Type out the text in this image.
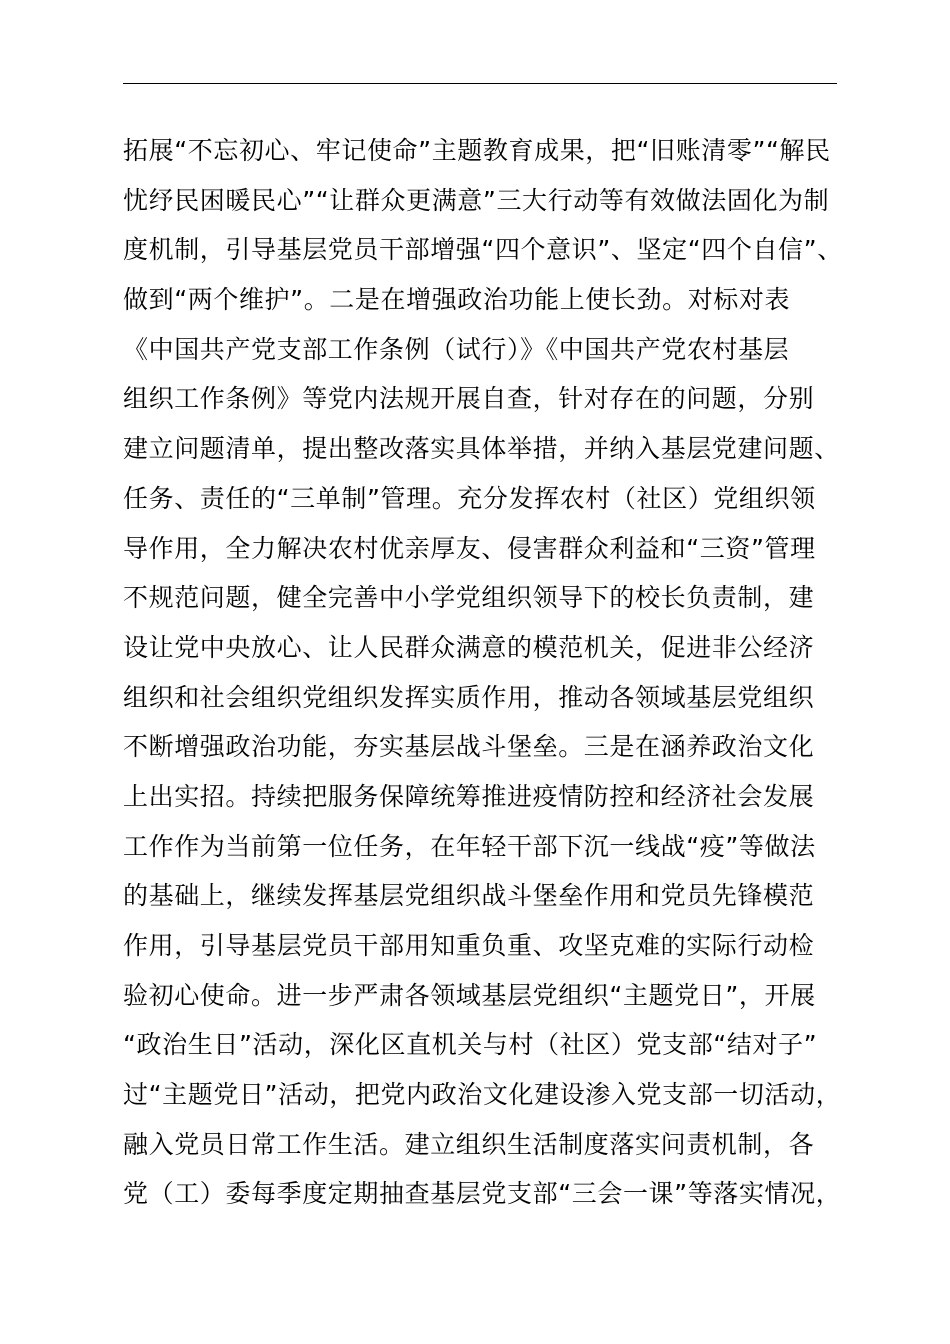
拓展“不忘初心、牢记使命”主题教育成果，把“旧账清零”“解民
忧纾民困暖民心”“让群众更满意”三大行动等有效做法固化为制
度机制，引导基层党员干部增强“四个意识”、坚定“四个自信”、
做到“两个维护”。二是在增强政治功能上使长劲。对标对表
《中国共产党支部工作条例（试行）》《中国共产党农村基层
组织工作条例》等党内法规开展自查，针对存在的问题，分别
建立问题清单，提出整改落实具体举措，并纳入基层党建问题、
任务、责任的“三单制”管理。充分发挥农村（社区）党组织领
导作用，全力解决农村优亲厚友、侵害群众利益和“三资”管理
不规范问题，健全完善中小学党组织领导下的校长负责制，建
设让党中央放心、让人民群众满意的模范机关，促进非公经济
组织和社会组织党组织发挥实质作用，推动各领域基层党组织
不断增强政治功能，夯实基层战斗堡垒。三是在涵养政治文化
上出实招。持续把服务保障统筹推进疫情防控和经济社会发展
工作作为当前第一位任务，在年轻干部下沉一线战“疫”等做法
的基础上，继续发挥基层党组织战斗堡垒作用和党员先锋模范
作用，引导基层党员干部用知重负重、攻坚克难的实际行动检
验初心使命。进一步严肃各领域基层党组织“主题党日”，开展
“政治生日”活动，深化区直机关与村（社区）党支部“结对子”
过“主题党日”活动，把党内政治文化建设渗入党支部一切活动，
融入党员日常工作生活。建立组织生活制度落实问责机制，各
党（工）委每季度定期抽查基层党支部“三会一课”等落实情况，
